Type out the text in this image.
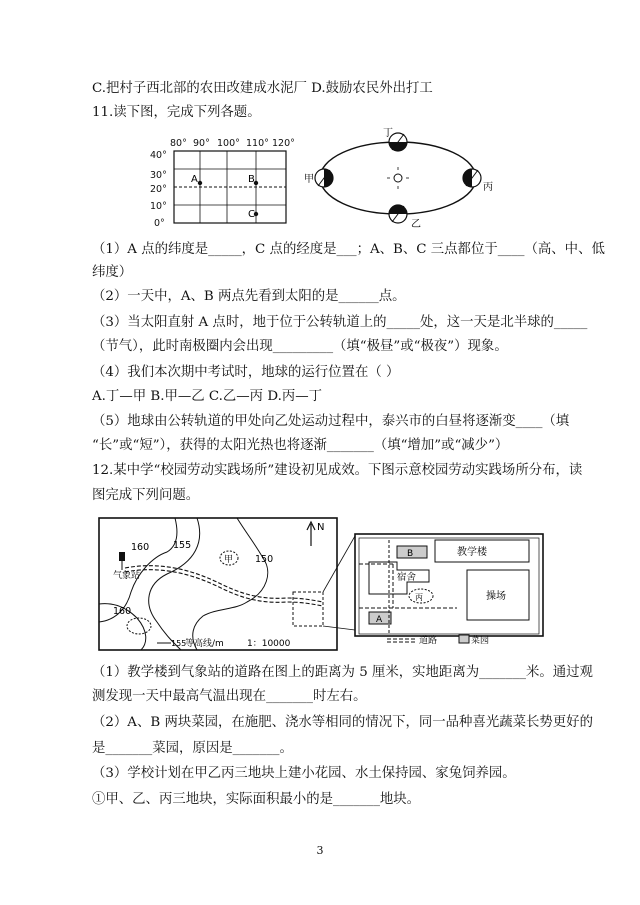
C.把村子西北部的农田改建成水泥厂 D.鼓励农民外出打工
11.读下图，完成下列各题。
80° 90° 100° 110° 120°
40°
30°
20°
10°
0°
A	B
C
丁
甲
丙
乙
（1）A 点的纬度是_____，C 点的经度是___；A、B、C 三点都位于____（高、中、低
纬度）
（2）一天中，A、B 两点先看到太阳的是______点。
（3）当太阳直射 A 点时，地于位于公转轨道上的_____处，这一天是北半球的_____
（节气），此时南极圈内会出现_________（填“极昼”或“极夜”）现象。
（4）我们本次期中考试时，地球的运行位置在（ ）
A.丁—甲 B.甲—乙 C.乙—丙 D.丙—丁
（5）地球由公转轨道的甲处向乙处运动过程中，泰兴市的白昼将逐渐变____（填
“长”或“短”），获得的太阳光热也将逐渐_______（填“增加”或“减少”）
12.某中学“校园劳动实践场所”建设初见成效。下图示意校园劳动实践场所分布，读
图完成下列问题。
N
160	155
150
160
气象站
甲
155
等高线/m	1：10000
B	教学楼
宿舍
丙	操场
A
道路	菜园
（1）教学楼到气象站的道路在图上的距离为 5 厘米，实地距离为_______米。通过观
测发现一天中最高气温出现在_______时左右。
（2）A、B 两块菜园，在施肥、浇水等相同的情况下，同一品种喜光蔬菜长势更好的
是_______菜园，原因是_______。
（3）学校计划在甲乙丙三地块上建小花园、水土保持园、家兔饲养园。
①甲、乙、丙三地块，实际面积最小的是_______地块。
3
